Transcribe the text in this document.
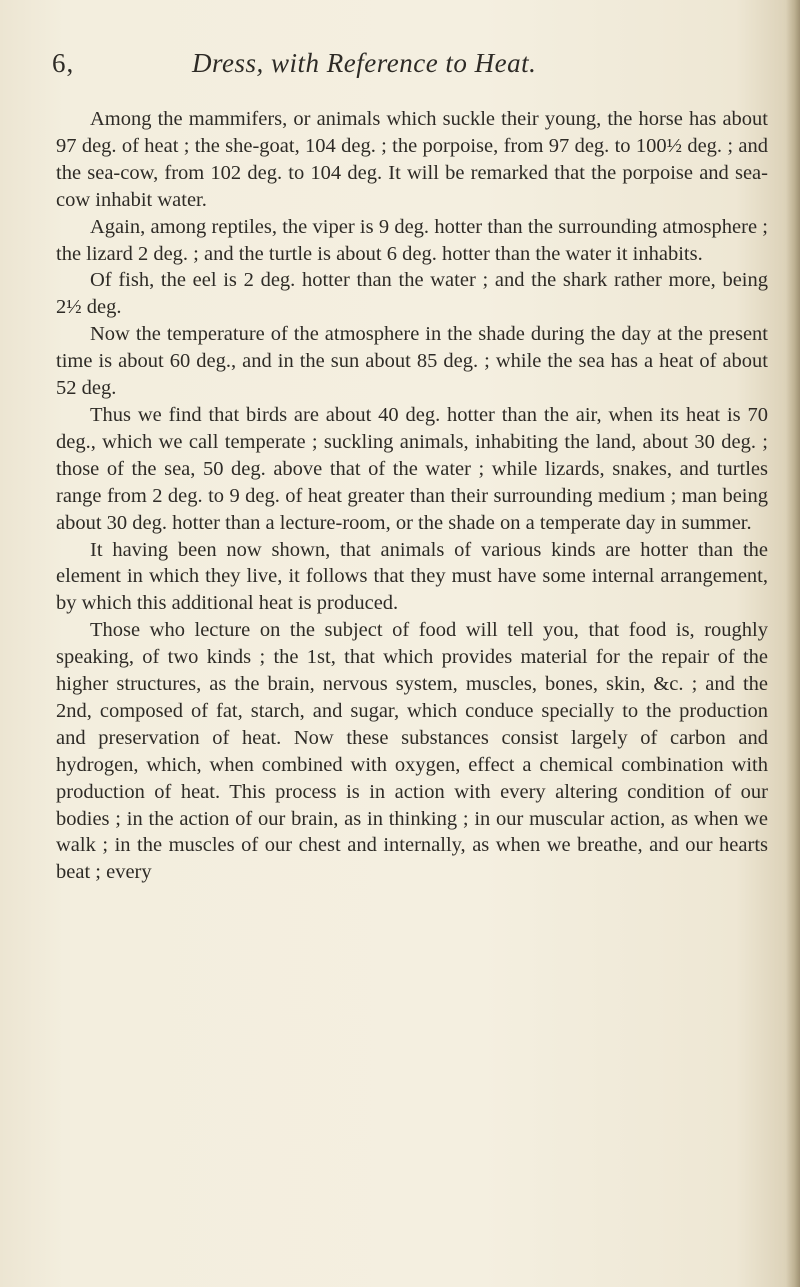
6,	Dress, with Reference to Heat.

Among the mammifers, or animals which suckle their young, the horse has about 97 deg. of heat ; the she-goat, 104 deg. ; the porpoise, from 97 deg. to 100½ deg. ; and the sea-cow, from 102 deg. to 104 deg. It will be remarked that the porpoise and sea-cow inhabit water.

Again, among reptiles, the viper is 9 deg. hotter than the surrounding atmosphere ; the lizard 2 deg. ; and the turtle is about 6 deg. hotter than the water it inhabits.

Of fish, the eel is 2 deg. hotter than the water ; and the shark rather more, being 2½ deg.

Now the temperature of the atmosphere in the shade during the day at the present time is about 60 deg., and in the sun about 85 deg. ; while the sea has a heat of about 52 deg.

Thus we find that birds are about 40 deg. hotter than the air, when its heat is 70 deg., which we call temperate ; suckling animals, inhabiting the land, about 30 deg. ; those of the sea, 50 deg. above that of the water ; while lizards, snakes, and turtles range from 2 deg. to 9 deg. of heat greater than their surrounding medium ; man being about 30 deg. hotter than a lecture-room, or the shade on a temperate day in summer.

It having been now shown, that animals of various kinds are hotter than the element in which they live, it follows that they must have some internal arrangement, by which this additional heat is produced.

Those who lecture on the subject of food will tell you, that food is, roughly speaking, of two kinds ; the 1st, that which provides material for the repair of the higher structures, as the brain, nervous system, muscles, bones, skin, &c. ; and the 2nd, composed of fat, starch, and sugar, which conduce specially to the production and preservation of heat. Now these substances consist largely of carbon and hydrogen, which, when combined with oxygen, effect a chemical combination with production of heat. This process is in action with every altering condition of our bodies ; in the action of our brain, as in thinking ; in our muscular action, as when we walk ; in the muscles of our chest and internally, as when we breathe, and our hearts beat ; every
